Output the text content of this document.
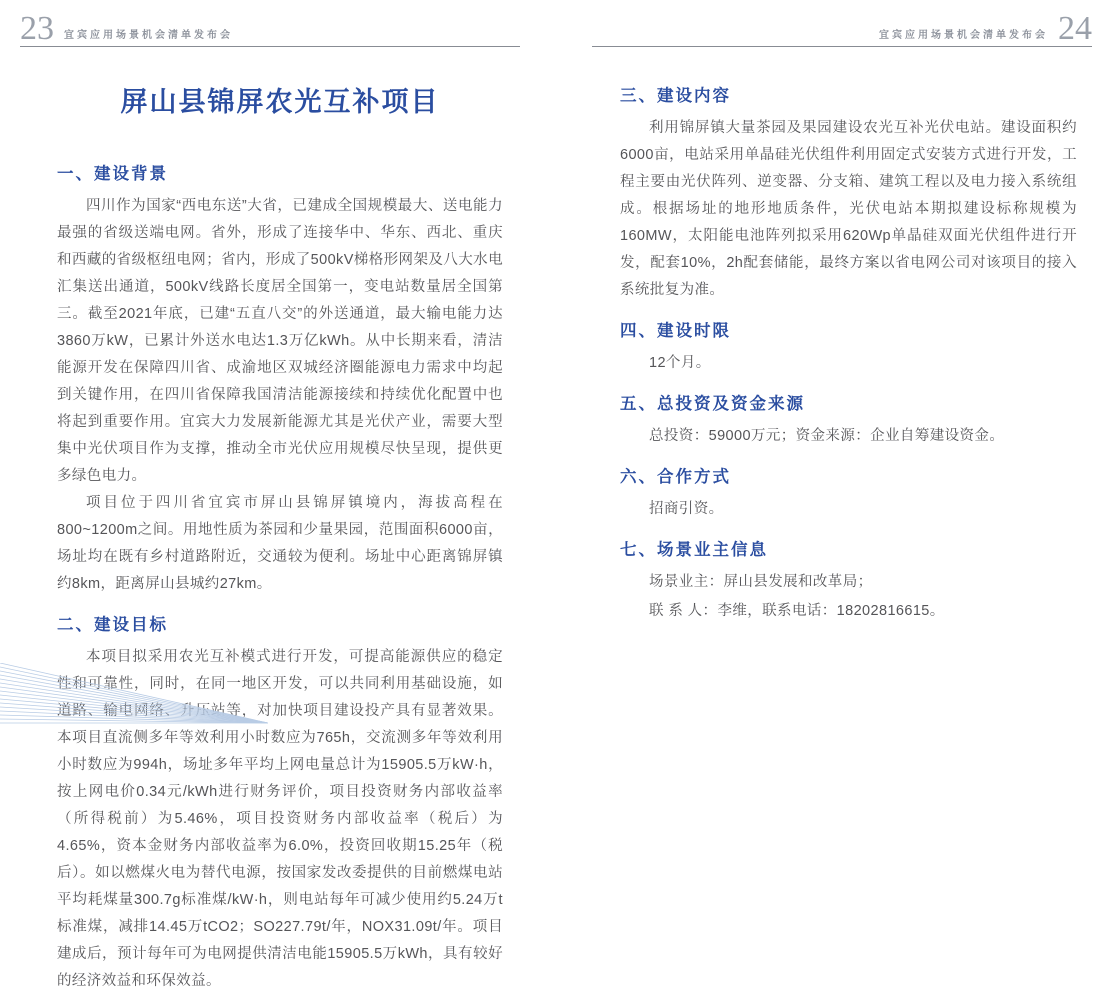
23 宜宾应用场景机会清单发布会
屏山县锦屏农光互补项目
一、建设背景

四川作为国家“西电东送”大省，已建成全国规模最大、送电能力最强的省级送端电网。省外，形成了连接华中、华东、西北、重庆和西藏的省级枢纽电网；省内，形成了500kV梯格形网架及八大水电汇集送出通道，500kV线路长度居全国第一，变电站数量居全国第三。截至2021年底，已建“五直八交”的外送通道，最大输电能力达3860万kW，已累计外送水电达1.3万亿kWh。从中长期来看，清洁能源开发在保障四川省、成渝地区双城经济圈能源电力需求中均起到关键作用，在四川省保障我国清洁能源接续和持续优化配置中也将起到重要作用。宜宾大力发展新能源尤其是光伏产业，需要大型集中光伏项目作为支撑，推动全市光伏应用规模尽快呈现，提供更多绿色电力。

项目位于四川省宜宾市屏山县锦屏镇境内，海拔高程在800~1200m之间。用地性质为茶园和少量果园，范围面积6000亩，场址均在既有乡村道路附近，交通较为便利。场址中心距离锦屏镇约8km，距离屏山县城约27km。

二、建设目标

本项目拟采用农光互补模式进行开发，可提高能源供应的稳定性和可靠性，同时，在同一地区开发，可以共同利用基础设施，如道路、输电网络、升压站等，对加快项目建设投产具有显著效果。本项目直流侧多年等效利用小时数应为765h，交流测多年等效利用小时数应为994h，场址多年平均上网电量总计为15905.5万kW·h，按上网电价0.34元/kWh进行财务评价，项目投资财务内部收益率（所得税前）为5.46%，项目投资财务内部收益率（税后）为4.65%，资本金财务内部收益率为6.0%，投资回收期15.25年（税后）。如以燃煤火电为替代电源，按国家发改委提供的目前燃煤电站平均耗煤量300.7g标准煤/kW·h，则电站每年可减少使用约5.24万t标准煤，减排14.45万tCO2；SO227.79t/年，NOX31.09t/年。项目建成后，预计每年可为电网提供清洁电能15905.5万kWh，具有较好的经济效益和环保效益。

宜宾应用场景机会清单发布会 24
三、建设内容

利用锦屏镇大量茶园及果园建设农光互补光伏电站。建设面积约6000亩，电站采用单晶硅光伏组件利用固定式安装方式进行开发，工程主要由光伏阵列、逆变器、分支箱、建筑工程以及电力接入系统组成。根据场址的地形地质条件，光伏电站本期拟建设标称规模为160MW，太阳能电池阵列拟采用620Wp单晶硅双面光伏组件进行开发，配套10%，2h配套储能，最终方案以省电网公司对该项目的接入系统批复为准。

四、建设时限

12个月。

五、总投资及资金来源

总投资：59000万元；资金来源：企业自筹建设资金。

六、合作方式

招商引资。

七、场景业主信息

场景业主：屏山县发展和改革局；

联 系 人：李维，联系电话：18202816615。
